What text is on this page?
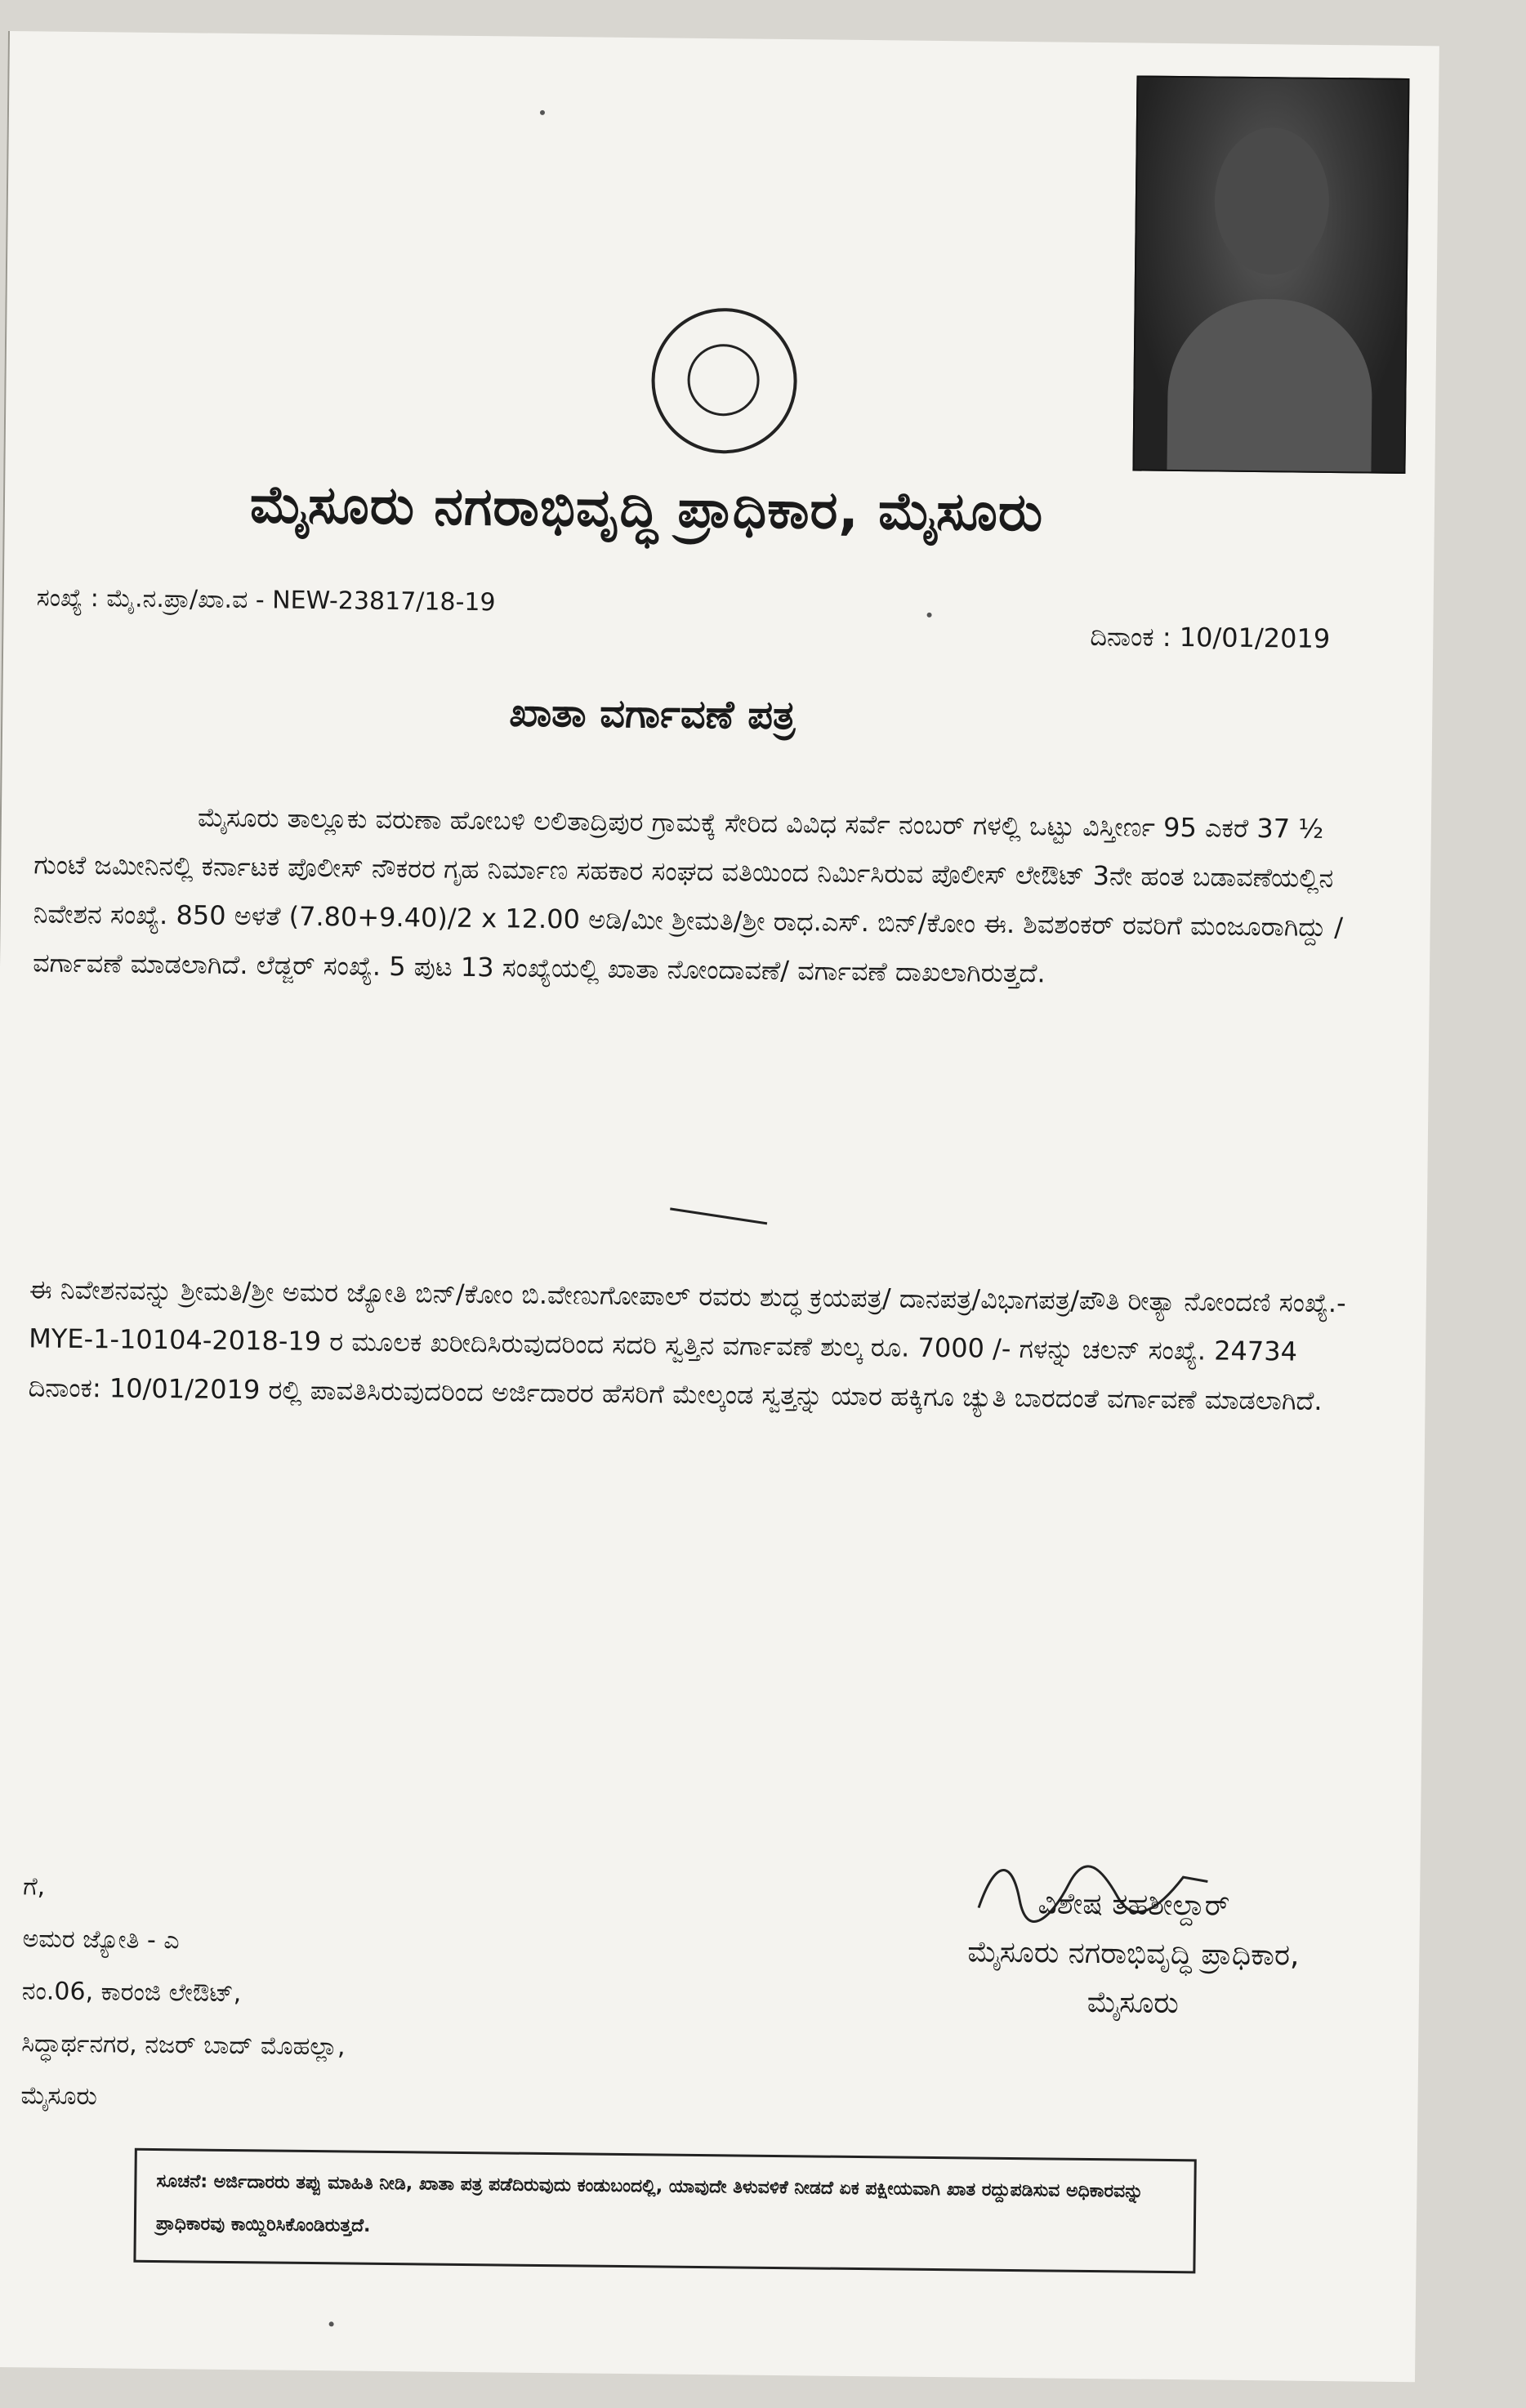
ಮೈಸೂರು ನಗರಾಭಿವೃದ್ಧಿ ಪ್ರಾಧಿಕಾರ, ಮೈಸೂರು
ಸಂಖ್ಯೆ : ಮೈ.ನ.ಪ್ರಾ/ಖಾ.ವ - NEW-23817/18-19
ದಿನಾಂಕ : 10/01/2019
ಖಾತಾ ವರ್ಗಾವಣೆ ಪತ್ರ
ಮೈಸೂರು ತಾಲ್ಲೂಕು ವರುಣಾ ಹೋಬಳಿ ಲಲಿತಾದ್ರಿಪುರ ಗ್ರಾಮಕ್ಕೆ ಸೇರಿದ ವಿವಿಧ ಸರ್ವೆ ನಂಬರ್ ಗಳಲ್ಲಿ ಒಟ್ಟು ವಿಸ್ತೀರ್ಣ 95 ಎಕರೆ 37 ½ ಗುಂಟೆ ಜಮೀನಿನಲ್ಲಿ ಕರ್ನಾಟಕ ಪೊಲೀಸ್ ನೌಕರರ ಗೃಹ ನಿರ್ಮಾಣ ಸಹಕಾರ ಸಂಘದ ವತಿಯಿಂದ ನಿರ್ಮಿಸಿರುವ ಪೊಲೀಸ್ ಲೇಔಟ್ 3ನೇ ಹಂತ ಬಡಾವಣೆಯಲ್ಲಿನ ನಿವೇಶನ ಸಂಖ್ಯೆ. 850 ಅಳತೆ (7.80+9.40)/2 x 12.00 ಅಡಿ/ಮೀ ಶ್ರೀಮತಿ/ಶ್ರೀ ರಾಧ.ಎಸ್. ಬಿನ್/ಕೋಂ ಈ. ಶಿವಶಂಕರ್ ರವರಿಗೆ ಮಂಜೂರಾಗಿದ್ದು / ವರ್ಗಾವಣೆ ಮಾಡಲಾಗಿದೆ. ಲೆಡ್ಜರ್ ಸಂಖ್ಯೆ. 5 ಪುಟ 13 ಸಂಖ್ಯೆಯಲ್ಲಿ ಖಾತಾ ನೋಂದಾವಣೆ/ ವರ್ಗಾವಣೆ ದಾಖಲಾಗಿರುತ್ತದೆ.
ಈ ನಿವೇಶನವನ್ನು ಶ್ರೀಮತಿ/ಶ್ರೀ ಅಮರ ಜ್ಯೋತಿ ಬಿನ್/ಕೋಂ ಬಿ.ವೇಣುಗೋಪಾಲ್ ರವರು ಶುದ್ಧ ಕ್ರಯಪತ್ರ/ ದಾನಪತ್ರ/ವಿಭಾಗಪತ್ರ/ಪೌತಿ ರೀತ್ಯಾ ನೋಂದಣಿ ಸಂಖ್ಯೆ.- MYE-1-10104-2018-19 ರ ಮೂಲಕ ಖರೀದಿಸಿರುವುದರಿಂದ ಸದರಿ ಸ್ವತ್ತಿನ ವರ್ಗಾವಣೆ ಶುಲ್ಕ ರೂ. 7000 /- ಗಳನ್ನು ಚಲನ್ ಸಂಖ್ಯೆ. 24734 ದಿನಾಂಕ: 10/01/2019 ರಲ್ಲಿ ಪಾವತಿಸಿರುವುದರಿಂದ ಅರ್ಜಿದಾರರ ಹೆಸರಿಗೆ ಮೇಲ್ಕಂಡ ಸ್ವತ್ತನ್ನು ಯಾರ ಹಕ್ಕಿಗೂ ಚ್ಯುತಿ ಬಾರದಂತೆ ವರ್ಗಾವಣೆ ಮಾಡಲಾಗಿದೆ.
ಗೆ,
ಅಮರ ಜ್ಯೋತಿ - ಎ
ನಂ.06, ಕಾರಂಜಿ ಲೇಔಟ್,
ಸಿದ್ಧಾರ್ಥನಗರ, ನಜರ್ ಬಾದ್ ಮೊಹಲ್ಲಾ,
ಮೈಸೂರು
ವಿಶೇಷ ತಹಶೀಲ್ದಾರ್
ಮೈಸೂರು ನಗರಾಭಿವೃದ್ಧಿ ಪ್ರಾಧಿಕಾರ,
ಮೈಸೂರು
ಸೂಚನೆ: ಅರ್ಜಿದಾರರು ತಪ್ಪು ಮಾಹಿತಿ ನೀಡಿ, ಖಾತಾ ಪತ್ರ ಪಡೆದಿರುವುದು ಕಂಡುಬಂದಲ್ಲಿ, ಯಾವುದೇ ತಿಳುವಳಿಕೆ ನೀಡದೆ ಏಕ ಪಕ್ಷೀಯವಾಗಿ ಖಾತ ರದ್ದುಪಡಿಸುವ ಅಧಿಕಾರವನ್ನು ಪ್ರಾಧಿಕಾರವು ಕಾಯ್ದಿರಿಸಿಕೊಂಡಿರುತ್ತದೆ.
